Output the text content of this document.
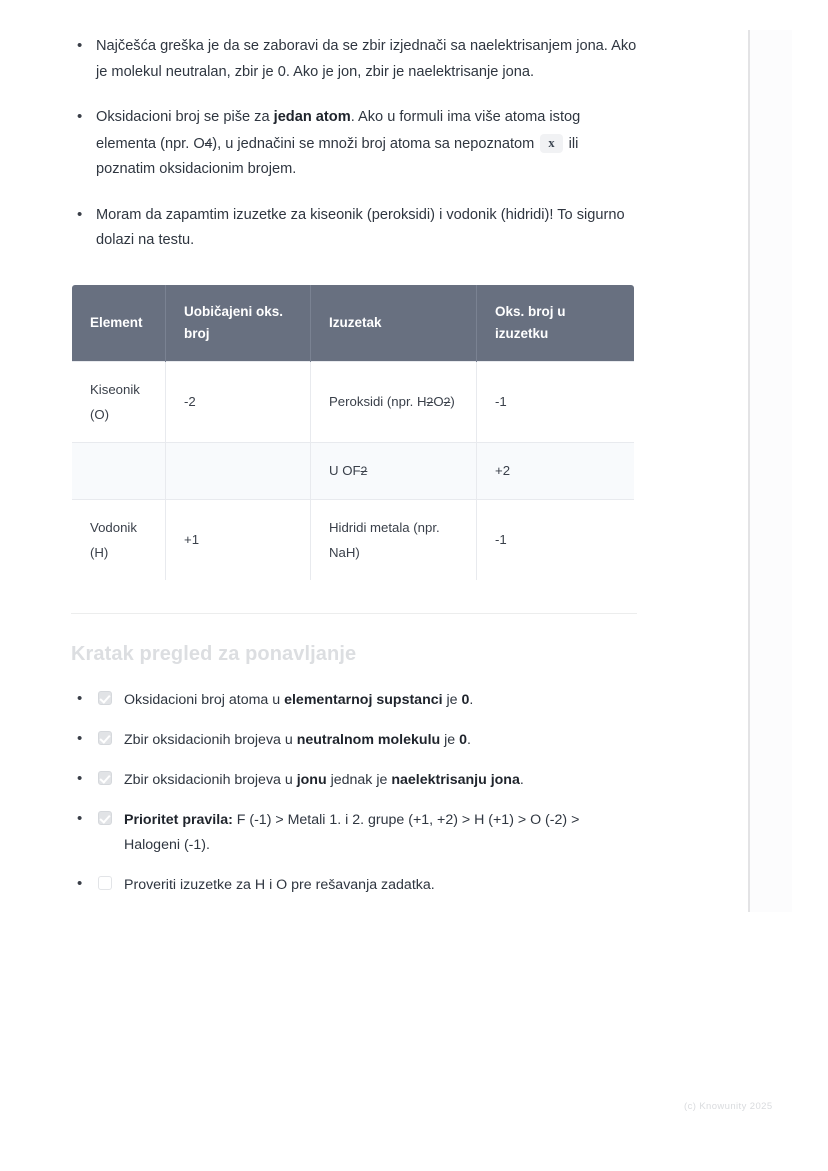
• Najčešća greška je da se zaboravi da se zbir izjednači sa naelektrisanjem jona. Ako je molekul neutralan, zbir je 0. Ako je jon, zbir je naelektrisanje jona.
• Oksidacioni broj se piše za jedan atom. Ako u formuli ima više atoma istog elementa (npr. O4), u jednačini se množi broj atoma sa nepoznatom x ili poznatim oksidacionim brojem.
• Moram da zapamtim izuzetke za kiseonik (peroksidi) i vodonik (hidridi)! To sigurno dolazi na testu.
Element	Uobičajeni oks. broj	Izuzetak	Oks. broj u izuzetku
Kiseonik (O)	-2	Peroksidi (npr. H2O2)	-1
		U OF2	+2
Vodonik (H)	+1	Hidridi metala (npr. NaH)	-1
Kratak pregled za ponavljanje
• Oksidacioni broj atoma u elementarnoj supstanci je 0.
• Zbir oksidacionih brojeva u neutralnom molekulu je 0.
• Zbir oksidacionih brojeva u jonu jednak je naelektrisanju jona.
• Prioritet pravila: F (-1) > Metali 1. i 2. grupe (+1, +2) > H (+1) > O (-2) > Halogeni (-1).
• Proveriti izuzetke za H i O pre rešavanja zadatka.
(c) Knowunity 2025
